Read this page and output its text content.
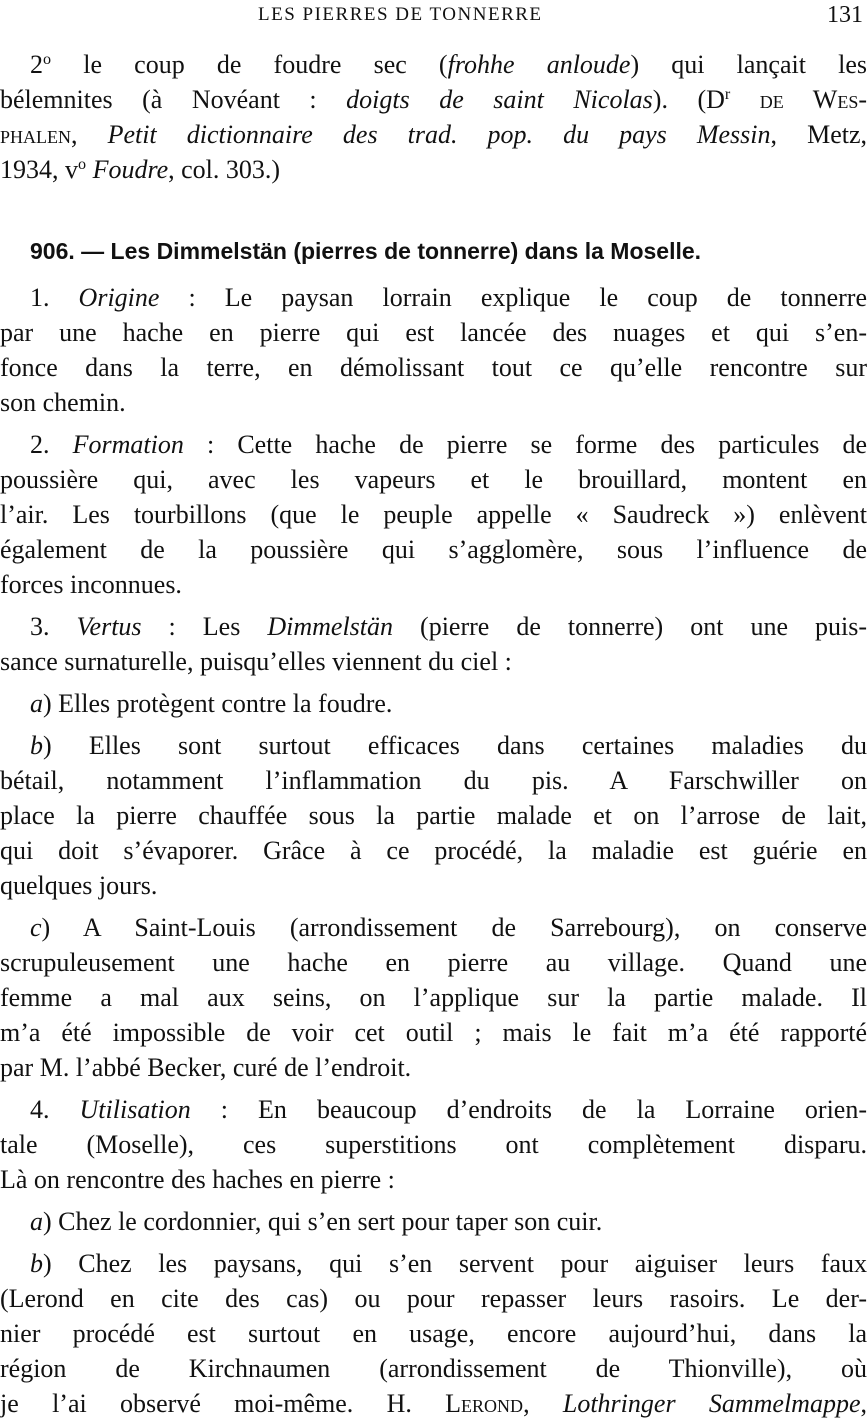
LES PIERRES DE TONNERRE	131
2$^o$ le coup de foudre sec (frohhe anloude) qui lançait les
bélemnites (à Novéant : doigts de saint Nicolas). ($D^r$ de Wes-
phalen, Petit dictionnaire des trad. pop. du pays Messin, Metz,
1934, $v^o$ Foudre, col. 303.)
906. — Les Dimmelstän (pierres de tonnerre) dans la Moselle.
1. Origine : Le paysan lorrain explique le coup de tonnerre
par une hache en pierre qui est lancée des nuages et qui s’en-
fonce dans la terre, en démolissant tout ce qu’elle rencontre sur
son chemin.
2. Formation : Cette hache de pierre se forme des particules de
poussière qui, avec les vapeurs et le brouillard, montent en
l’air. Les tourbillons (que le peuple appelle « Saudreck ») enlèvent
également de la poussière qui s’agglomère, sous l’influence de
forces inconnues.
3. Vertus : Les Dimmelstän (pierre de tonnerre) ont une puis-
sance surnaturelle, puisqu’elles viennent du ciel :
a) Elles protègent contre la foudre.
b) Elles sont surtout efficaces dans certaines maladies du
bétail, notamment l’inflammation du pis. A Farschwiller on
place la pierre chauffée sous la partie malade et on l’arrose de lait,
qui doit s’évaporer. Grâce à ce procédé, la maladie est guérie en
quelques jours.
c) A Saint-Louis (arrondissement de Sarrebourg), on conserve
scrupuleusement une hache en pierre au village. Quand une
femme a mal aux seins, on l’applique sur la partie malade. Il
m’a été impossible de voir cet outil ; mais le fait m’a été rapporté
par M. l’abbé Becker, curé de l’endroit.
4. Utilisation : En beaucoup d’endroits de la Lorraine orien-
tale (Moselle), ces superstitions ont complètement disparu.
Là on rencontre des haches en pierre :
a) Chez le cordonnier, qui s’en sert pour taper son cuir.
b) Chez les paysans, qui s’en servent pour aiguiser leurs faux
(Lerond en cite des cas) ou pour repasser leurs rasoirs. Le der-
nier procédé est surtout en usage, encore aujourd’hui, dans la
région de Kirchnaumen (arrondissement de Thionville), où
je l’ai observé moi-même. H. Lerond, Lothringer Sammelmappe,
